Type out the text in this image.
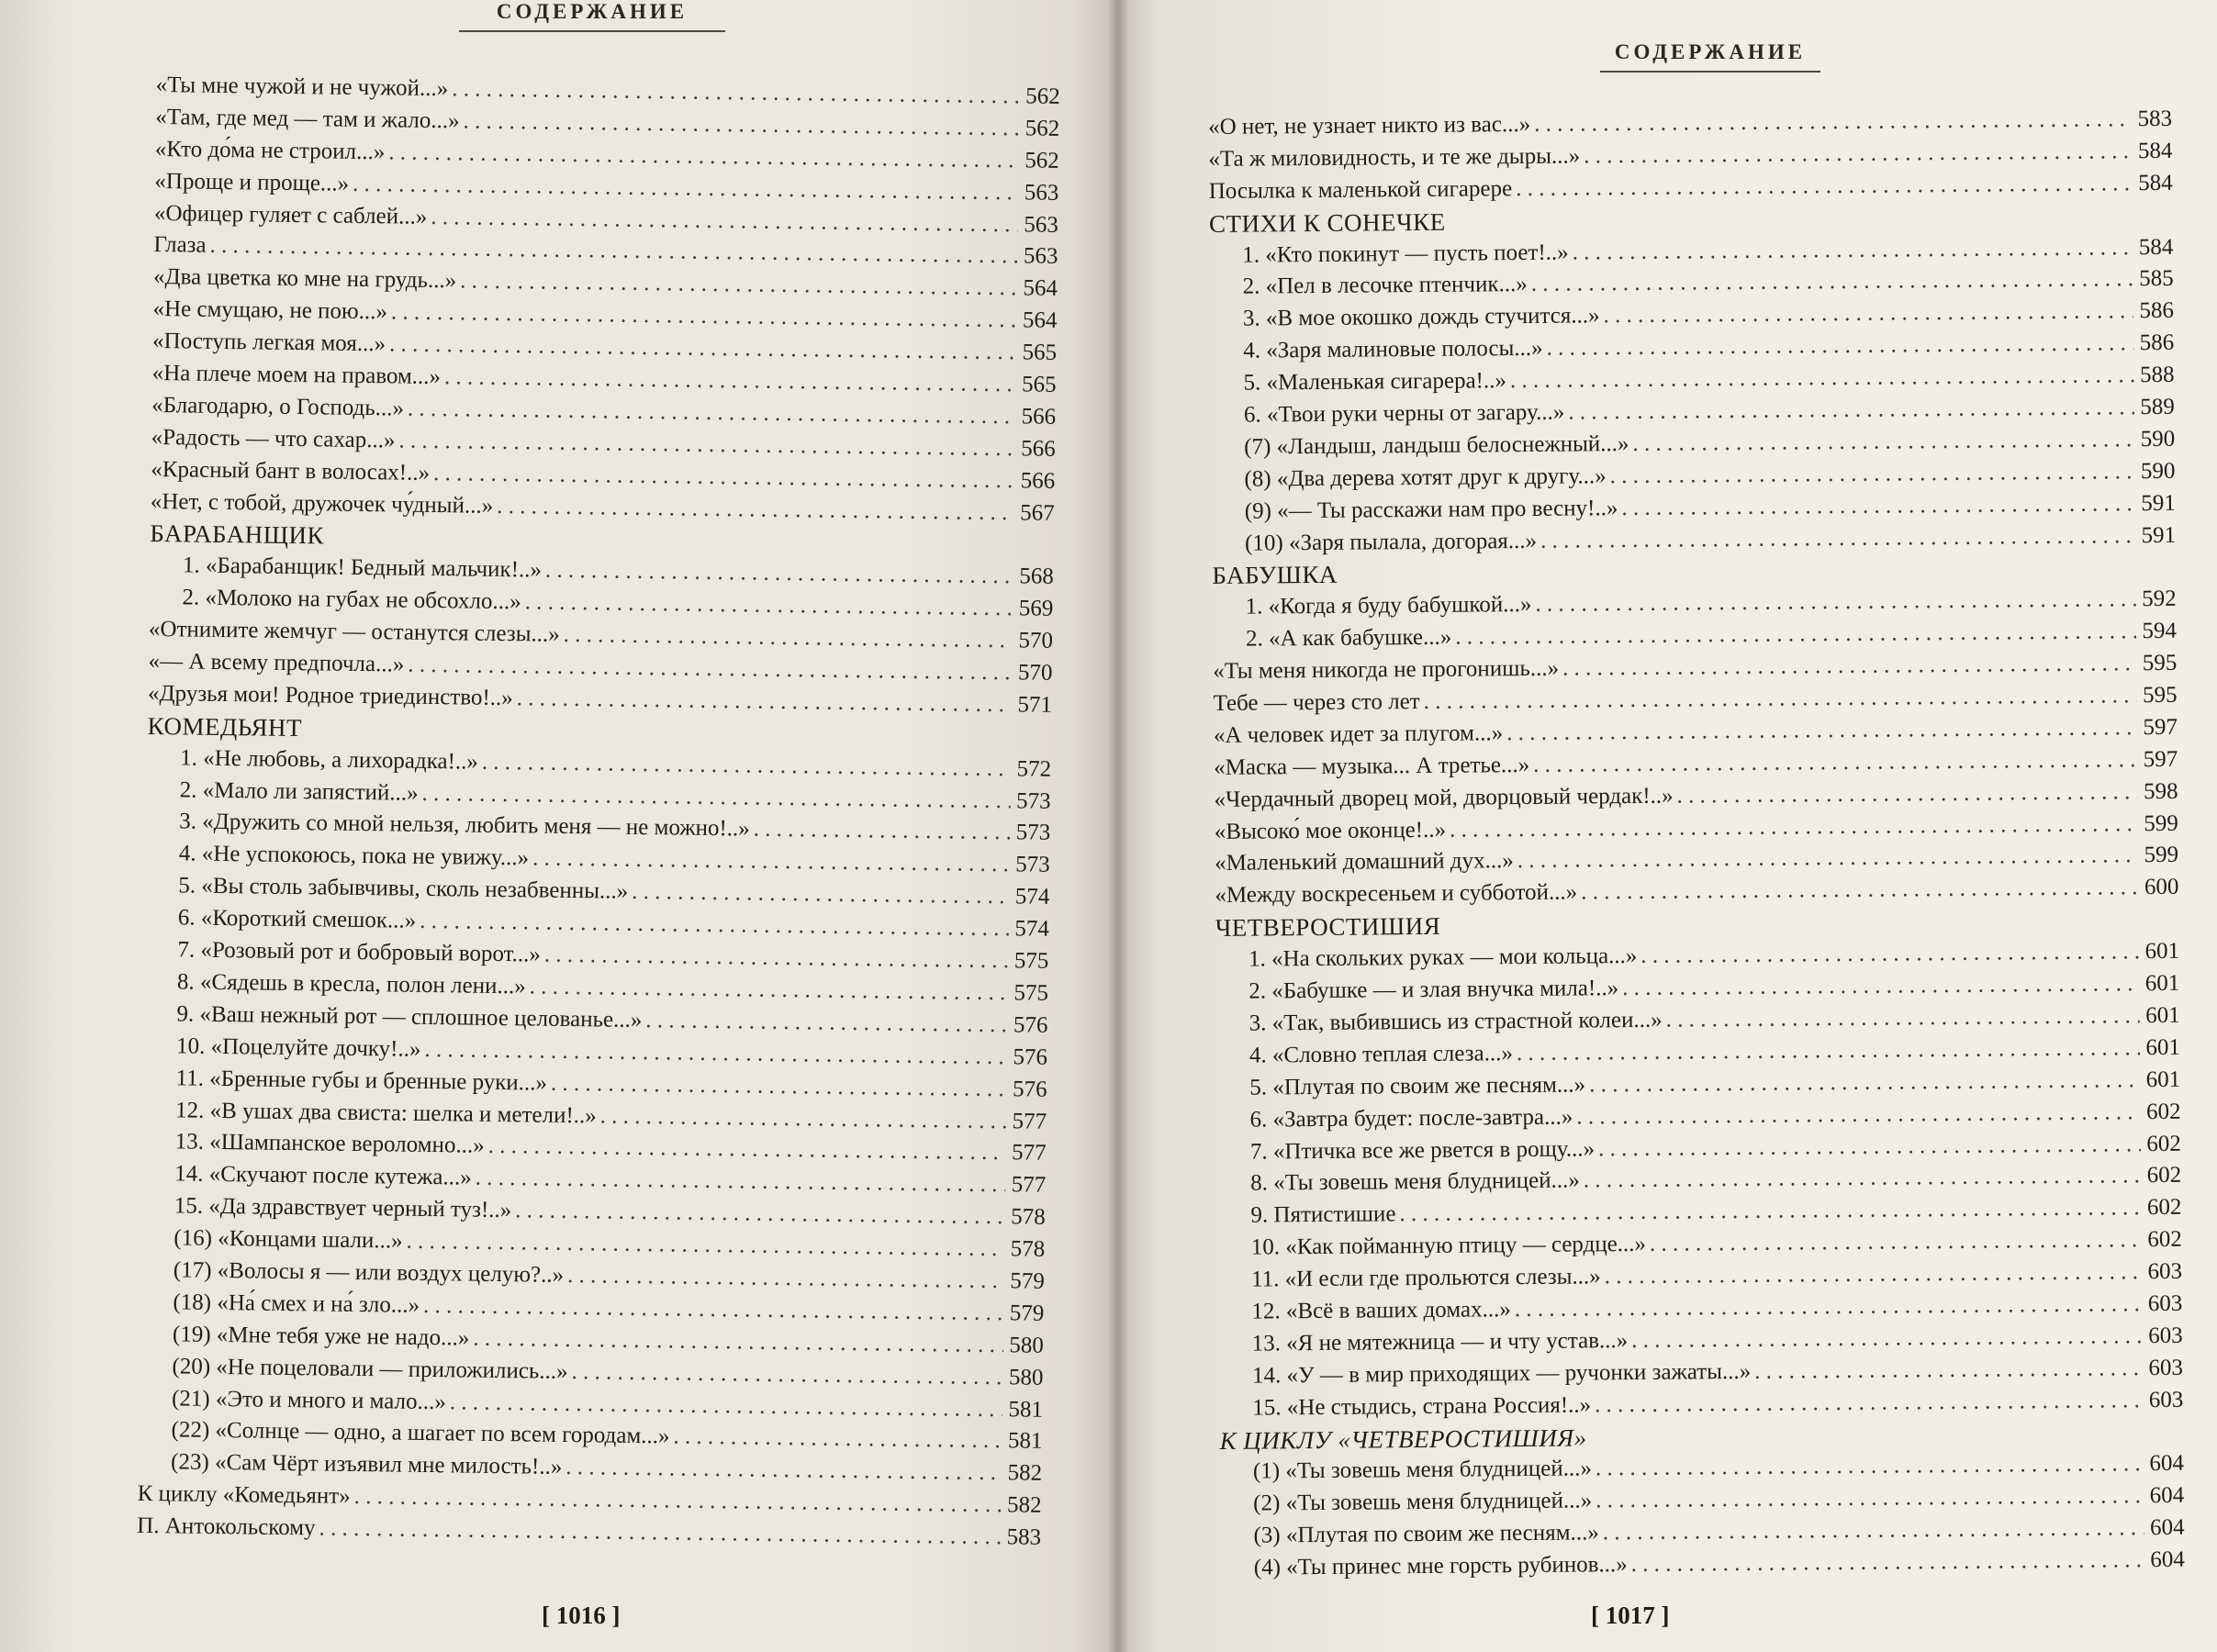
СОДЕРЖАНИЕ
«Ты мне чужой и не чужой...» . . .	562
«Там, где мед — там и жало...» . . .	562
«Кто до́ма не строил...» . . .	562
«Проще и проще...» . . .	563
«Офицер гуляет с саблей...» . . .	563
Глаза . . .	563
«Два цветка ко мне на грудь...» . . .	564
«Не смущаю, не пою...» . . .	564
«Поступь легкая моя...» . . .	565
«На плече моем на правом...» . . .	565
«Благодарю, о Господь...» . . .	566
«Радость — что сахар...» . . .	566
«Красный бант в волосах!..» . . .	566
«Нет, с тобой, дружочек чу́дный...» . . .	567
БАРАБАНЩИК
1. «Барабанщик! Бедный мальчик!..» . . .	568
2. «Молоко на губах не обсохло...» . . .	569
«Отнимите жемчуг — останутся слезы...» . . .	570
«— А всему предпочла...» . . .	570
«Друзья мои! Родное триединство!..» . . .	571
КОМЕДЬЯНТ
1. «Не любовь, а лихорадка!..» . . .	572
2. «Мало ли запястий...» . . .	573
3. «Дружить со мной нельзя, любить меня — не можно!..» . . .	573
4. «Не успокоюсь, пока не увижу...» . . .	573
5. «Вы столь забывчивы, сколь незабвенны...» . . .	574
6. «Короткий смешок...» . . .	574
7. «Розовый рот и бобровый ворот...» . . .	575
8. «Сядешь в кресла, полон лени...» . . .	575
9. «Ваш нежный рот — сплошное целованье...» . . .	576
10. «Поцелуйте дочку!..» . . .	576
11. «Бренные губы и бренные руки...» . . .	576
12. «В ушах два свиста: шелка и метели!..» . . .	577
13. «Шампанское вероломно...» . . .	577
14. «Скучают после кутежа...» . . .	577
15. «Да здравствует черный туз!..» . . .	578
(16) «Концами шали...» . . .	578
(17) «Волосы я — или воздух целую?..» . . .	579
(18) «На́ смех и на́ зло...» . . .	579
(19) «Мне тебя уже не надо...» . . .	580
(20) «Не поцеловали — приложились...» . . .	580
(21) «Это и много и мало...» . . .	581
(22) «Солнце — одно, а шагает по всем городам...» . . .	581
(23) «Сам Чёрт изъявил мне милость!..» . . .	582
К циклу «Комедьянт» . . .	582
П. Антокольскому . . .	583
[ 1016 ]
СОДЕРЖАНИЕ
«О нет, не узнает никто из вас...» . . .	583
«Та ж миловидность, и те же дыры...» . . .	584
Посылка к маленькой сигарере . . .	584
СТИХИ К СОНЕЧКЕ
1. «Кто покинут — пусть поет!..» . . .	584
2. «Пел в лесочке птенчик...» . . .	585
3. «В мое окошко дождь стучится...» . . .	586
4. «Заря малиновые полосы...» . . .	586
5. «Маленькая сигарера!..» . . .	588
6. «Твои руки черны от загару...» . . .	589
(7) «Ландыш, ландыш белоснежный...» . . .	590
(8) «Два дерева хотят друг к другу...» . . .	590
(9) «— Ты расскажи нам про весну!..» . . .	591
(10) «Заря пылала, догорая...» . . .	591
БАБУШКА
1. «Когда я буду бабушкой...» . . .	592
2. «А как бабушке...» . . .	594
«Ты меня никогда не прогонишь...» . . .	595
Тебе — через сто лет . . .	595
«А человек идет за плугом...» . . .	597
«Маска — музыка... А третье...» . . .	597
«Чердачный дворец мой, дворцовый чердак!..» . . .	598
«Высоко́ мое оконце!..» . . .	599
«Маленький домашний дух...» . . .	599
«Между воскресеньем и субботой...» . . .	600
ЧЕТВЕРОСТИШИЯ
1. «На скольких руках — мои кольца...» . . .	601
2. «Бабушке — и злая внучка мила!..» . . .	601
3. «Так, выбившись из страстной колеи...» . . .	601
4. «Словно теплая слеза...» . . .	601
5. «Плутая по своим же песням...» . . .	601
6. «Завтра будет: после-завтра...» . . .	602
7. «Птичка все же рвется в рощу...» . . .	602
8. «Ты зовешь меня блудницей...» . . .	602
9. Пятистишие . . .	602
10. «Как пойманную птицу — сердце...» . . .	602
11. «И если где прольются слезы...» . . .	603
12. «Всё в ваших домах...» . . .	603
13. «Я не мятежница — и чту устав...» . . .	603
14. «У — в мир приходящих — ручонки зажаты...» . . .	603
15. «Не стыдись, страна Россия!..» . . .	603
К ЦИКЛУ «ЧЕТВЕРОСТИШИЯ»
(1) «Ты зовешь меня блудницей...» . . .	604
(2) «Ты зовешь меня блудницей...» . . .	604
(3) «Плутая по своим же песням...» . . .	604
(4) «Ты принес мне горсть рубинов...» . . .	604
[ 1017 ]
